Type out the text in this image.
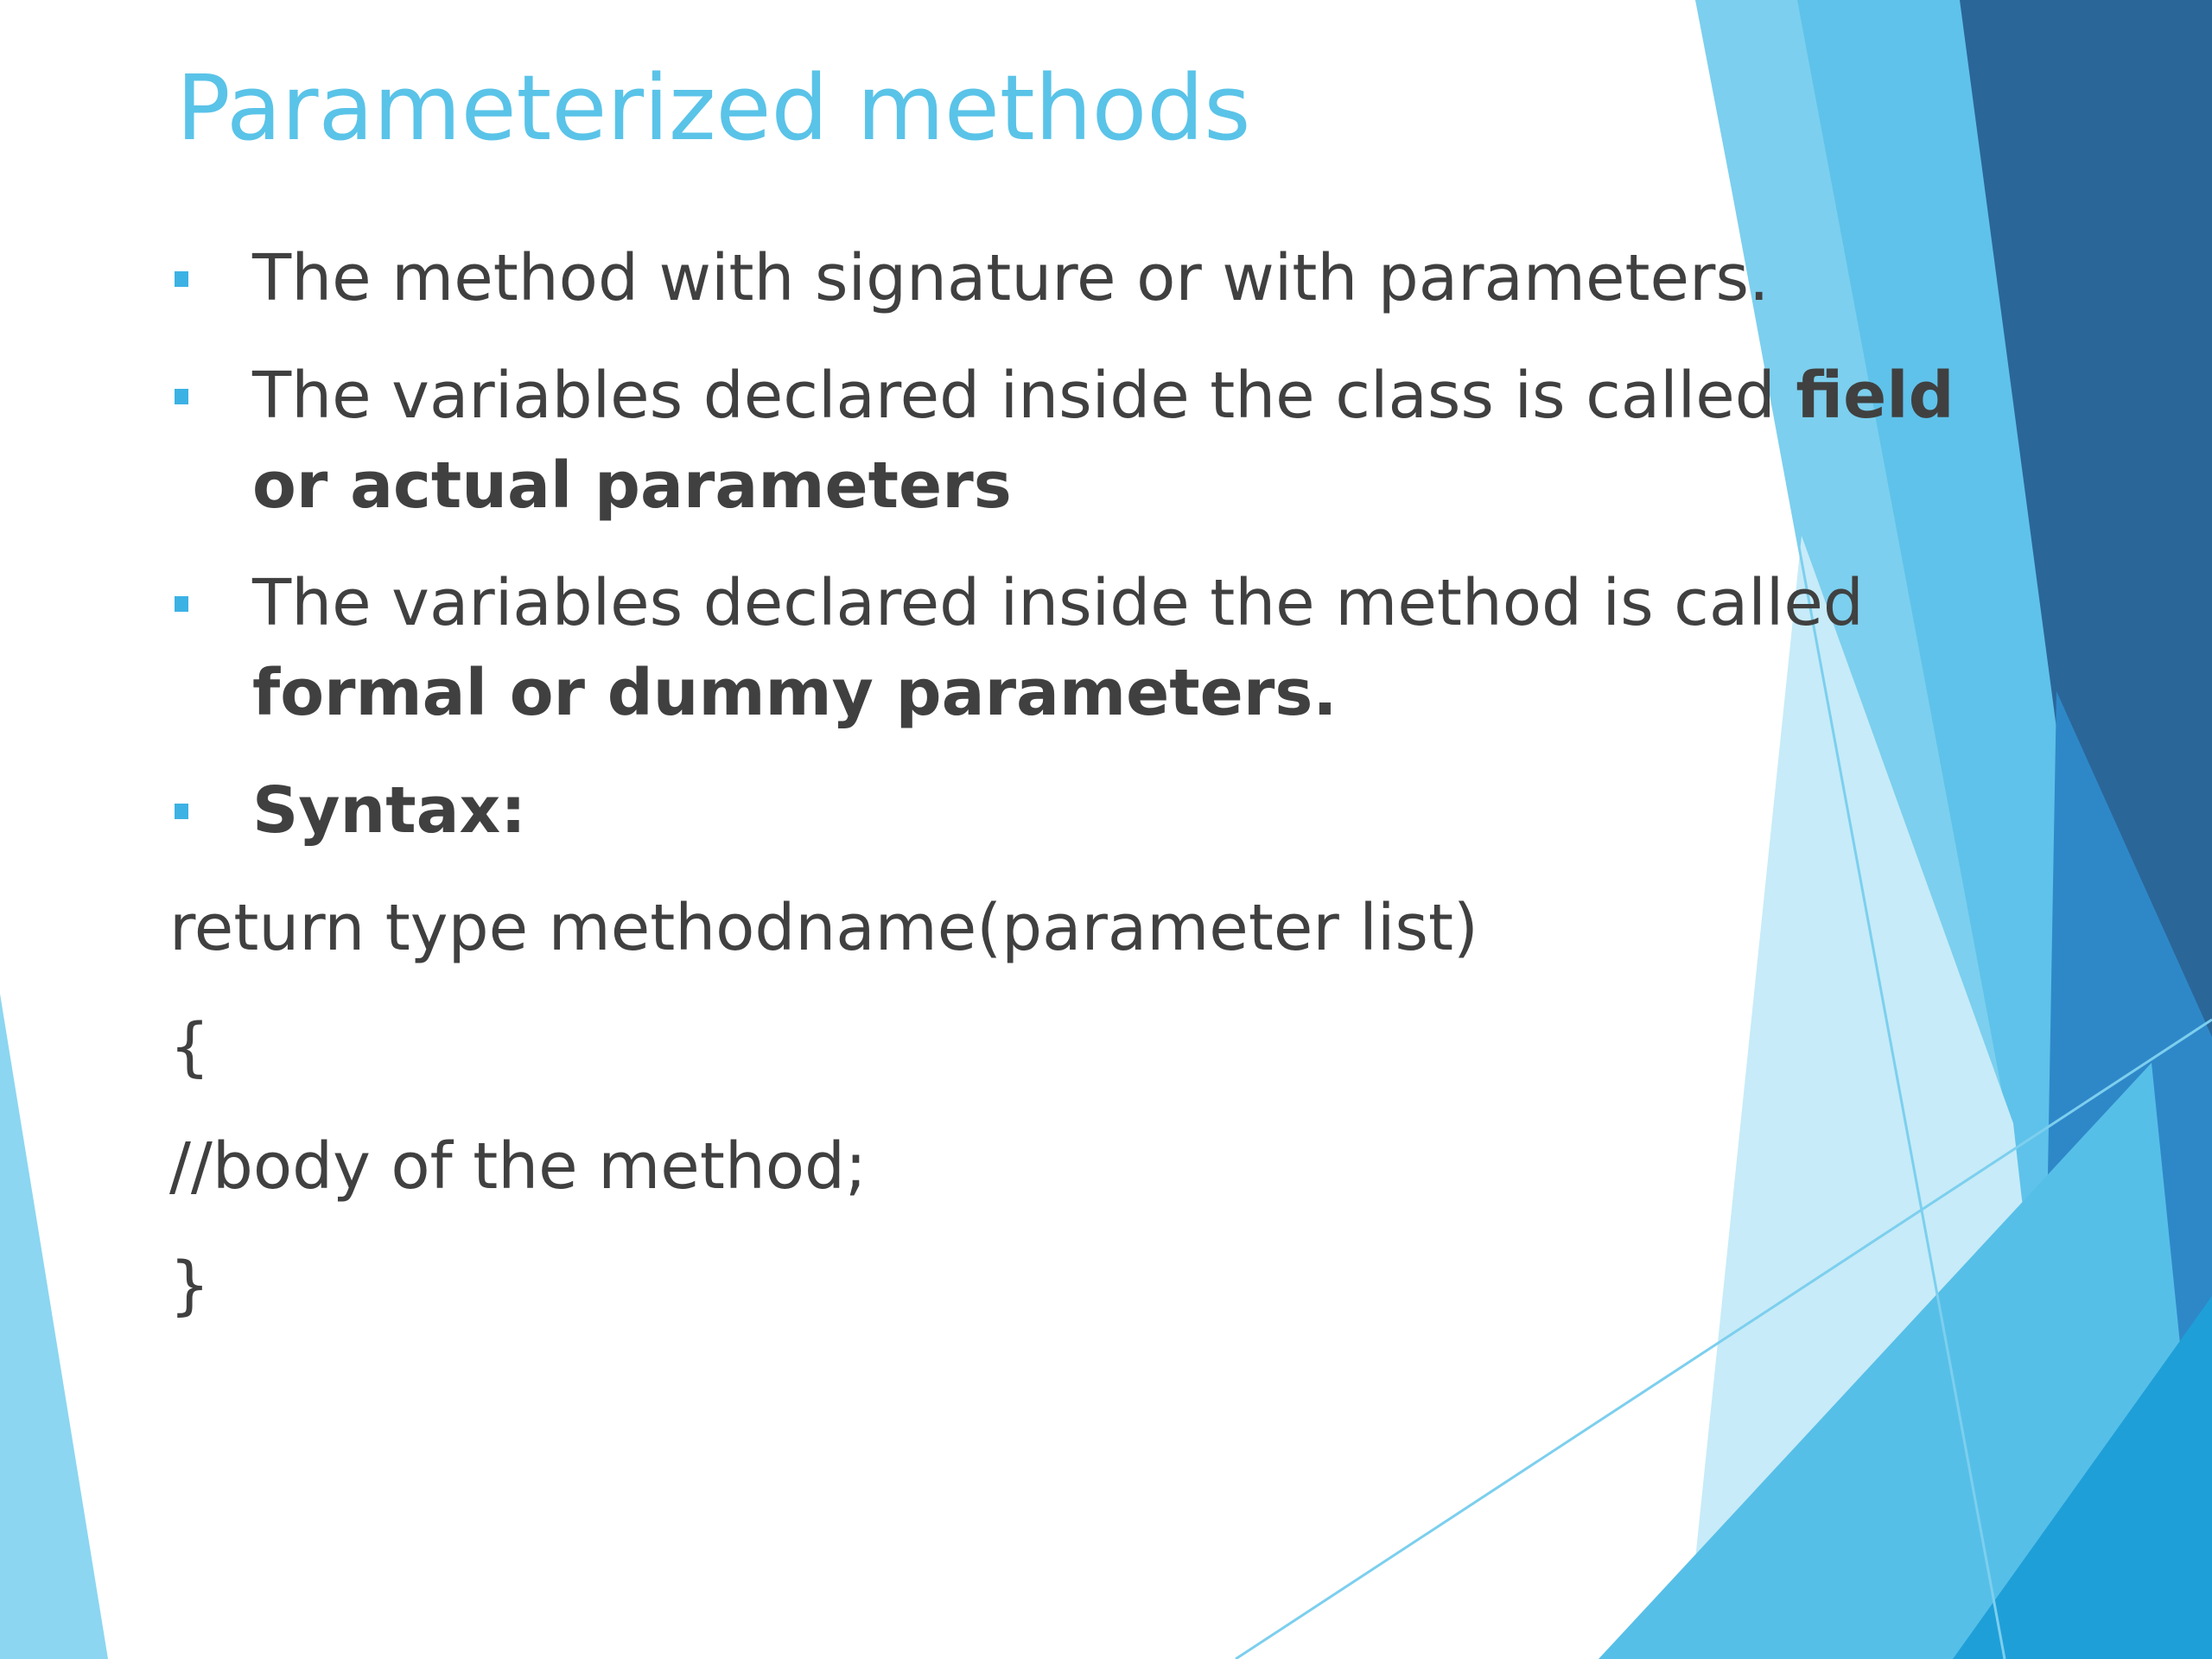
Parameterized methods
The method with signature or with parameters.
The variables declared inside the class is called field or actual parameters
The variables declared inside the method is called formal or dummy parameters.
Syntax:
return type methodname(parameter list)
{
//body of the method;
}
